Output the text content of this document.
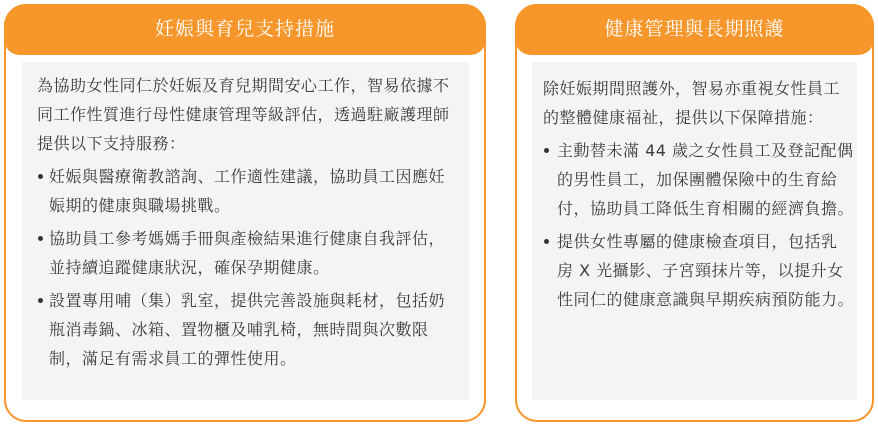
妊娠與育兒支持措施
為協助女性同仁於妊娠及育兒期間安心工作，智易依據不
同工作性質進行母性健康管理等級評估，透過駐廠護理師
提供以下支持服務：
妊娠與醫療衛教諮詢、工作適性建議，協助員工因應妊
娠期的健康與職場挑戰。
協助員工參考媽媽手冊與產檢結果進行健康自我評估，
並持續追蹤健康狀況，確保孕期健康。
設置專用哺（集）乳室，提供完善設施與耗材，包括奶
瓶消毒鍋、冰箱、置物櫃及哺乳椅，無時間與次數限
制，滿足有需求員工的彈性使用。
健康管理與長期照護
除妊娠期間照護外，智易亦重視女性員工
的整體健康福祉，提供以下保障措施：
主動替未滿 44 歲之女性員工及登記配偶
的男性員工，加保團體保險中的生育給
付，協助員工降低生育相關的經濟負擔。
提供女性專屬的健康檢查項目，包括乳
房 X 光攝影、子宮頸抹片等，以提升女
性同仁的健康意識與早期疾病預防能力。
